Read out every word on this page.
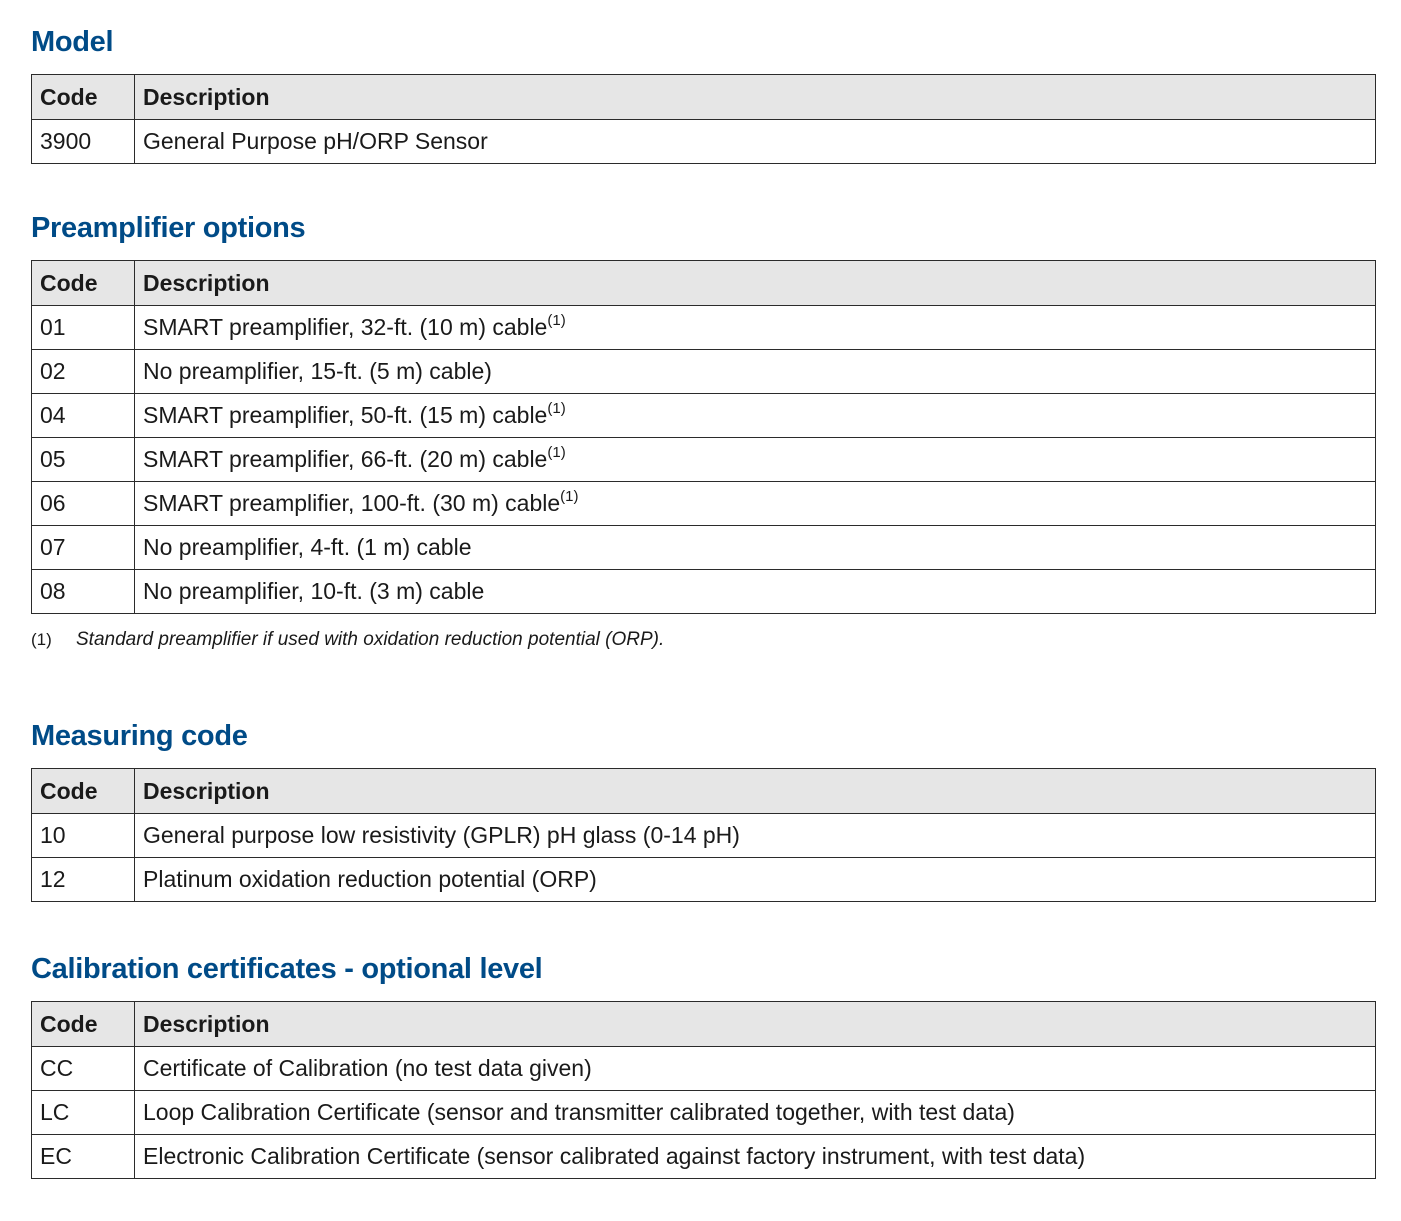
Model
Code	Description
3900	General Purpose pH/ORP Sensor
Preamplifier options
Code	Description
01	SMART preamplifier, 32-ft. (10 m) cable$^{(1)}$
02	No preamplifier, 15-ft. (5 m) cable)
04	SMART preamplifier, 50-ft. (15 m) cable$^{(1)}$
05	SMART preamplifier, 66-ft. (20 m) cable$^{(1)}$
06	SMART preamplifier, 100-ft. (30 m) cable$^{(1)}$
07	No preamplifier, 4-ft. (1 m) cable
08	No preamplifier, 10-ft. (3 m) cable
(1) Standard preamplifier if used with oxidation reduction potential (ORP).
Measuring code
Code	Description
10	General purpose low resistivity (GPLR) pH glass (0-14 pH)
12	Platinum oxidation reduction potential (ORP)
Calibration certificates - optional level
Code	Description
CC	Certificate of Calibration (no test data given)
LC	Loop Calibration Certificate (sensor and transmitter calibrated together, with test data)
EC	Electronic Calibration Certificate (sensor calibrated against factory instrument, with test data)
